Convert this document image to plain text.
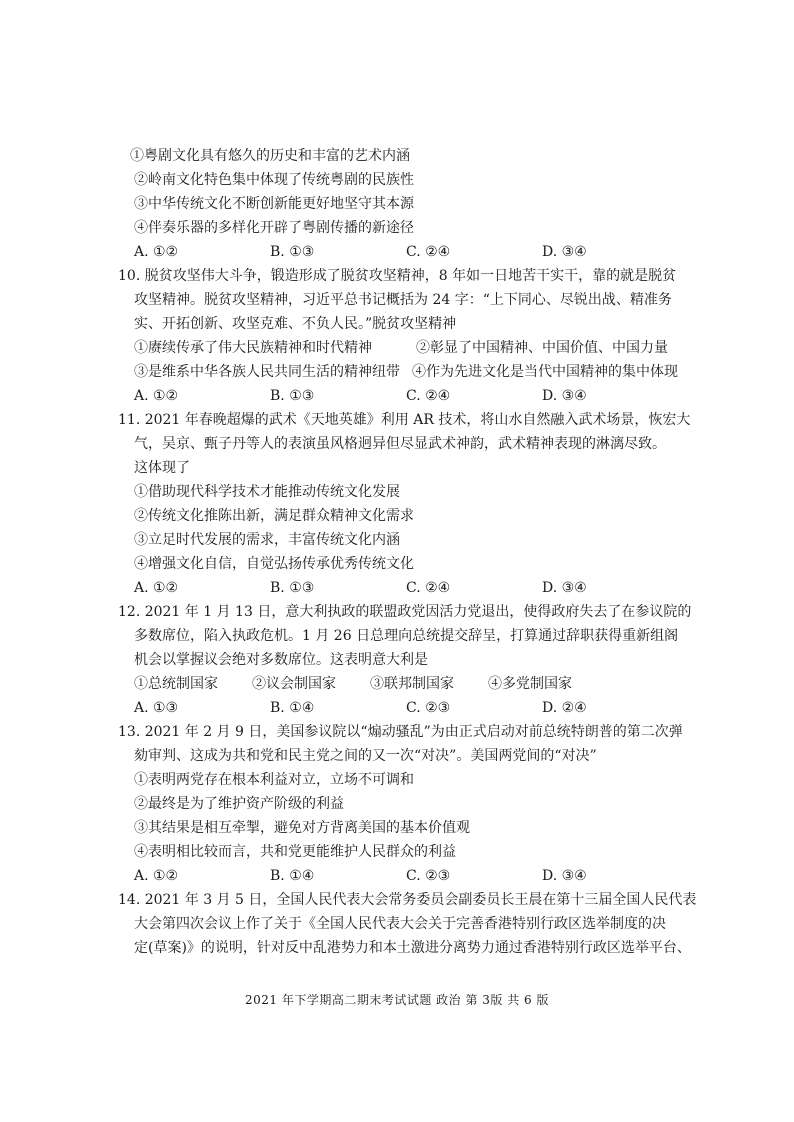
①粤剧文化具有悠久的历史和丰富的艺术内涵
②岭南文化特色集中体现了传统粤剧的民族性
③中华传统文化不断创新能更好地坚守其本源
④伴奏乐器的多样化开辟了粤剧传播的新途径
A. ①②	B. ①③	C. ②④	D. ③④
10. 脱贫攻坚伟大斗争，锻造形成了脱贫攻坚精神，8 年如一日地苦干实干，靠的就是脱贫
攻坚精神。脱贫攻坚精神，习近平总书记概括为 24 字：“上下同心、尽锐出战、精准务
实、开拓创新、攻坚克难、不负人民。”脱贫攻坚精神
①赓续传承了伟大民族精神和时代精神	②彰显了中国精神、中国价值、中国力量
③是维系中华各族人民共同生活的精神纽带 ④作为先进文化是当代中国精神的集中体现
A. ①②	B. ①③	C. ②④	D. ③④
11. 2021 年春晚超爆的武术《天地英雄》利用 AR 技术，将山水自然融入武术场景，恢宏大
气，吴京、甄子丹等人的表演虽风格迥异但尽显武术神韵，武术精神表现的淋漓尽致。
这体现了
①借助现代科学技术才能推动传统文化发展
②传统文化推陈出新，满足群众精神文化需求
③立足时代发展的需求，丰富传统文化内涵
④增强文化自信，自觉弘扬传承优秀传统文化
A. ①②	B. ①③	C. ②④	D. ③④
12. 2021 年 1 月 13 日，意大利执政的联盟政党因活力党退出，使得政府失去了在参议院的
多数席位，陷入执政危机。1 月 26 日总理向总统提交辞呈，打算通过辞职获得重新组阁
机会以掌握议会绝对多数席位。这表明意大利是
①总统制国家	②议会制国家	③联邦制国家	④多党制国家
A. ①③	B. ①④	C. ②③	D. ②④
13. 2021 年 2 月 9 日，美国参议院以“煽动骚乱”为由正式启动对前总统特朗普的第二次弹
劾审判、这成为共和党和民主党之间的又一次“对决”。美国两党间的“对决”
①表明两党存在根本利益对立，立场不可调和
②最终是为了维护资产阶级的利益
③其结果是相互牵掣，避免对方背离美国的基本价值观
④表明相比较而言，共和党更能维护人民群众的利益
A. ①②	B. ①④	C. ②③	D. ③④
14. 2021 年 3 月 5 日，全国人民代表大会常务委员会副委员长王晨在第十三届全国人民代表
大会第四次会议上作了关于《全国人民代表大会关于完善香港特别行政区选举制度的决
定(草案)》的说明，针对反中乱港势力和本土激进分离势力通过香港特别行政区选举平台、
2021 年下学期高二期末考试试题 政治 第 3版 共 6 版
